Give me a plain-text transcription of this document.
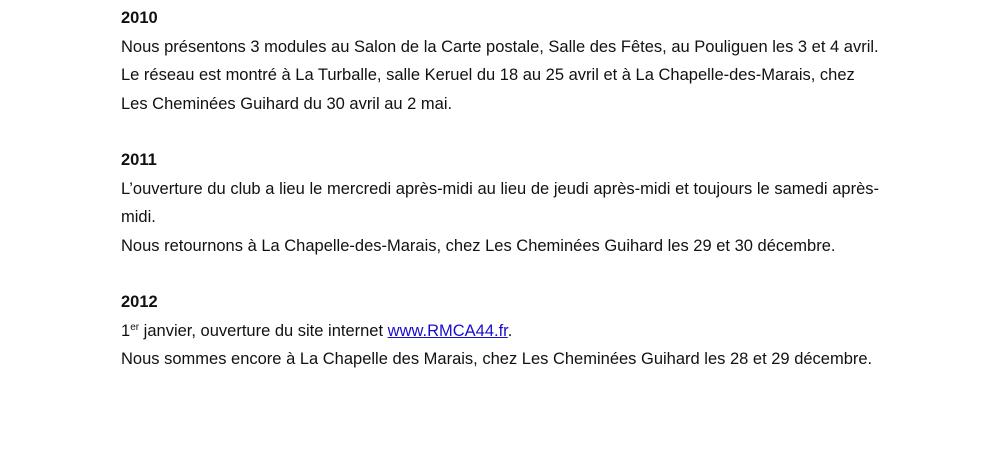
2010

Nous présentons 3 modules au Salon de la Carte postale, Salle des Fêtes, au Pouliguen les 3 et 4 avril.

Le réseau est montré à La Turballe, salle Keruel du 18 au 25 avril et à La Chapelle-des-Marais, chez Les Cheminées Guihard du 30 avril au 2 mai.

2011

L’ouverture du club a lieu le mercredi après-midi au lieu de jeudi après-midi et toujours le samedi après-midi.

Nous retournons à La Chapelle-des-Marais, chez Les Cheminées Guihard les 29 et 30 décembre.

2012

1er janvier, ouverture du site internet www.RMCA44.fr.

Nous sommes encore à La Chapelle des Marais, chez Les Cheminées Guihard les 28 et 29 décembre.
